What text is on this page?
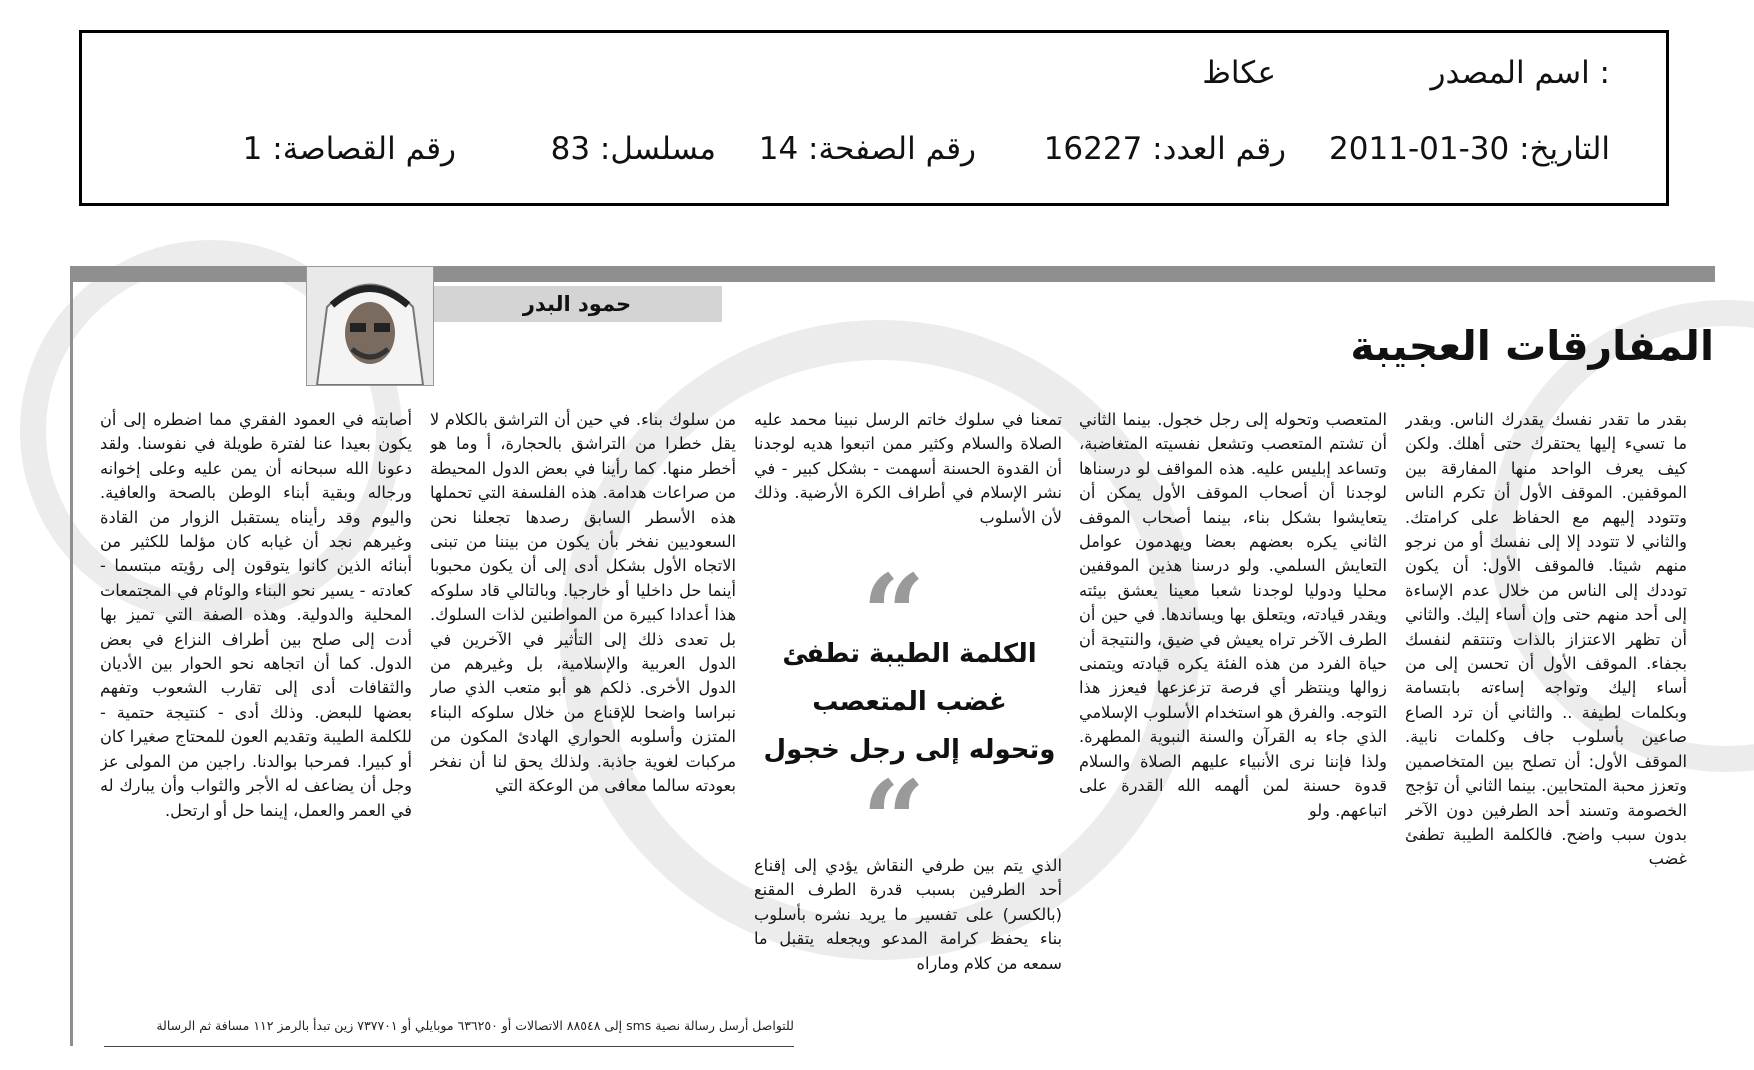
اسم المصدر :
عكاظ
التاريخ: 30-01-2011
رقم العدد: 16227
رقم الصفحة: 14
مسلسل: 83
رقم القصاصة: 1
حمود البدر
المفارقات العجيبة
بقدر ما تقدر نفسك يقدرك الناس. وبقدر ما تسيء إليها يحتقرك حتى أهلك. ولكن كيف يعرف الواحد منها المفارقة بين الموقفين. الموقف الأول أن تكرم الناس وتتودد إليهم مع الحفاظ على كرامتك. والثاني لا تتودد إلا إلى نفسك أو من نرجو منهم شيئا. فالموقف الأول: أن يكون توددك إلى الناس من خلال عدم الإساءة إلى أحد منهم حتى وإن أساء إليك. والثاني أن تظهر الاعتزاز بالذات وتنتقم لنفسك بجفاء. الموقف الأول أن تحسن إلى من أساء إليك وتواجه إساءته بابتسامة وبكلمات لطيفة .. والثاني أن ترد الصاع صاعين بأسلوب جاف وكلمات نابية. الموقف الأول: أن تصلح بين المتخاصمين وتعزز محبة المتحابين. بينما الثاني أن تؤجج الخصومة وتسند أحد الطرفين دون الآخر بدون سبب واضح. فالكلمة الطيبة تطفئ غضب
المتعصب وتحوله إلى رجل خجول. بينما الثاني أن تشتم المتعصب وتشعل نفسيته المتغاضبة، وتساعد إبليس عليه. هذه المواقف لو درسناها لوجدنا أن أصحاب الموقف الأول يمكن أن يتعايشوا بشكل بناء، بينما أصحاب الموقف الثاني يكره بعضهم بعضا ويهدمون عوامل التعايش السلمي. ولو درسنا هذين الموقفين محليا ودوليا لوجدنا شعبا معينا يعشق بيئته ويقدر قيادته، ويتعلق بها ويساندها. في حين أن الطرف الآخر تراه يعيش في ضيق، والنتيجة أن حياة الفرد من هذه الفئة يكره قيادته ويتمنى زوالها وينتظر أي فرصة تزعزعها فيعزز هذا التوجه. والفرق هو استخدام الأسلوب الإسلامي الذي جاء به القرآن والسنة النبوية المطهرة. ولذا فإننا نرى الأنبياء عليهم الصلاة والسلام قدوة حسنة لمن ألهمه الله القدرة على اتباعهم. ولو
تمعنا في سلوك خاتم الرسل نبينا محمد عليه الصلاة والسلام وكثير ممن اتبعوا هديه لوجدنا أن القدوة الحسنة أسهمت - بشكل كبير - في نشر الإسلام في أطراف الكرة الأرضية. وذلك لأن الأسلوب
الذي يتم بين طرفي النقاش يؤدي إلى إقناع أحد الطرفين بسبب قدرة الطرف المقنع (بالكسر) على تفسير ما يريد نشره بأسلوب بناء يحفظ كرامة المدعو ويجعله يتقبل ما سمعه من كلام وماراه
من سلوك بناء. في حين أن التراشق بالكلام لا يقل خطرا من التراشق بالحجارة، أ وما هو أخطر منها. كما رأينا في بعض الدول المحيطة من صراعات هدامة. هذه الفلسفة التي تحملها هذه الأسطر السابق رصدها تجعلنا نحن السعوديين نفخر بأن يكون من بيننا من تبنى الاتجاه الأول بشكل أدى إلى أن يكون محبوبا أينما حل داخليا أو خارجيا. وبالتالي قاد سلوكه هذا أعدادا كبيرة من المواطنين لذات السلوك. بل تعدى ذلك إلى التأثير في الآخرين في الدول العربية والإسلامية، بل وغيرهم من الدول الأخرى. ذلكم هو أبو متعب الذي صار نبراسا واضحا للإقناع من خلال سلوكه البناء المتزن وأسلوبه الحواري الهادئ المكون من مركبات لغوية جاذبة. ولذلك يحق لنا أن نفخر بعودته سالما معافى من الوعكة التي
أصابته في العمود الفقري مما اضطره إلى أن يكون بعيدا عنا لفترة طويلة في نفوسنا. ولقد دعونا الله سبحانه أن يمن عليه وعلى إخوانه ورجاله وبقية أبناء الوطن بالصحة والعافية. واليوم وقد رأيناه يستقبل الزوار من القادة وغيرهم نجد أن غيابه كان مؤلما للكثير من أبنائه الذين كانوا يتوقون إلى رؤيته مبتسما - كعادته - يسير نحو البناء والوئام في المجتمعات المحلية والدولية. وهذه الصفة التي تميز بها أدت إلى صلح بين أطراف النزاع في بعض الدول. كما أن اتجاهه نحو الحوار بين الأديان والثقافات أدى إلى تقارب الشعوب وتفهم بعضها للبعض. وذلك أدى - كنتيجة حتمية - للكلمة الطيبة وتقديم العون للمحتاج صغيرا كان أو كبيرا. فمرحبا بوالدنا. راجين من المولى عز وجل أن يضاعف له الأجر والثواب وأن يبارك له في العمر والعمل، إينما حل أو ارتحل.
“
الكلمة الطيبة تطفئ
غضب المتعصب
وتحوله إلى رجل خجول
“
للتواصل أرسل رسالة نصية sms إلى ٨٨٥٤٨ الاتصالات أو ٦٣٦٢٥٠ موبايلي أو ٧٣٧٧٠١ زين تبدأ بالرمز ١١٢ مسافة ثم الرسالة
